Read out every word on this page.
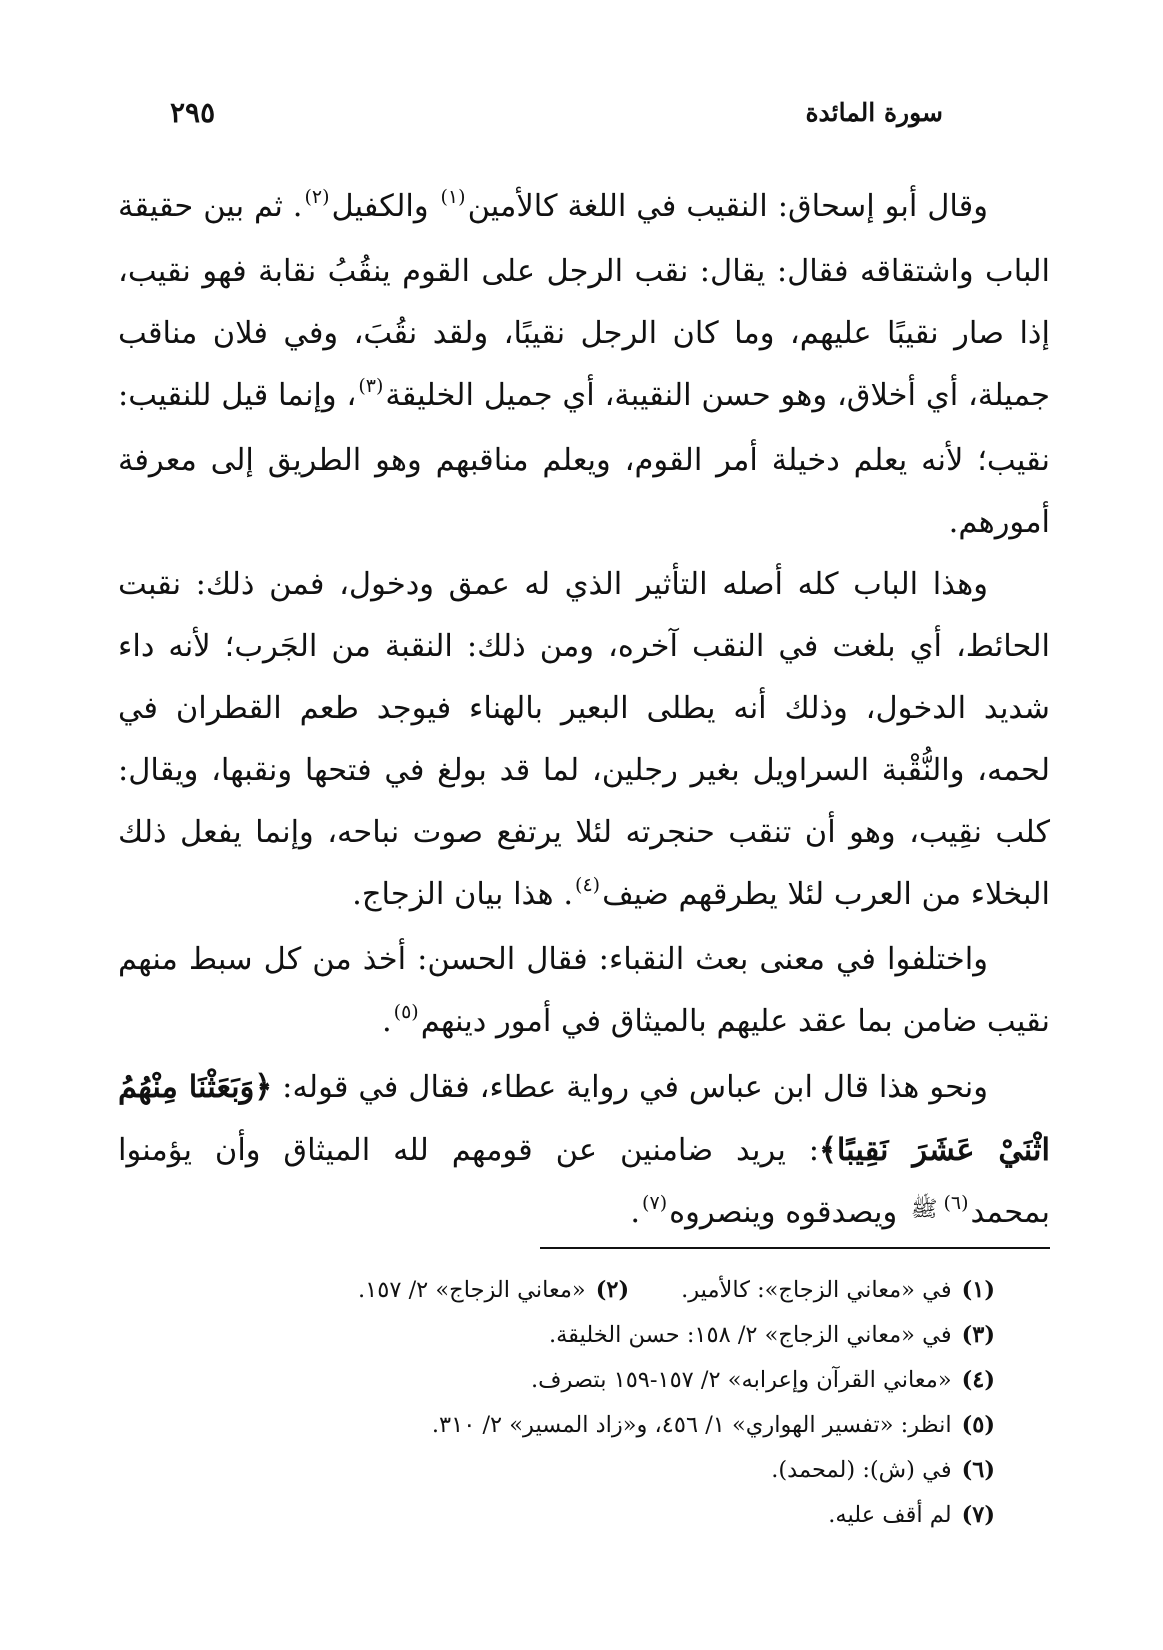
سورة المائدة
٢٩٥

وقال أبو إسحاق: النقيب في اللغة كالأمين$^{(١)}$ والكفيل$^{(٢)}$. ثم بين حقيقة الباب واشتقاقه فقال: يقال: نقب الرجل على القوم ينقُبُ نقابة فهو نقيب، إذا صار نقيبًا عليهم، وما كان الرجل نقيبًا، ولقد نقُبَ، وفي فلان مناقب جميلة، أي أخلاق، وهو حسن النقيبة، أي جميل الخليقة$^{(٣)}$، وإنما قيل للنقيب: نقيب؛ لأنه يعلم دخيلة أمر القوم، ويعلم مناقبهم وهو الطريق إلى معرفة أمورهم.

وهذا الباب كله أصله التأثير الذي له عمق ودخول، فمن ذلك: نقبت الحائط، أي بلغت في النقب آخره، ومن ذلك: النقبة من الجَرب؛ لأنه داء شديد الدخول، وذلك أنه يطلى البعير بالهناء فيوجد طعم القطران في لحمه، والنُّقْبة السراويل بغير رجلين، لما قد بولغ في فتحها ونقبها، ويقال: كلب نقِيب، وهو أن تنقب حنجرته لئلا يرتفع صوت نباحه، وإنما يفعل ذلك البخلاء من العرب لئلا يطرقهم ضيف$^{(٤)}$. هذا بيان الزجاج.

واختلفوا في معنى بعث النقباء: فقال الحسن: أخذ من كل سبط منهم نقيب ضامن بما عقد عليهم بالميثاق في أمور دينهم$^{(٥)}$.

ونحو هذا قال ابن عباس في رواية عطاء، فقال في قوله: ﴿وَبَعَثْنَا مِنْهُمُ اثْنَيْ عَشَرَ نَقِيبًا﴾: يريد ضامنين عن قومهم لله الميثاق وأن يؤمنوا بمحمد$^{(٦)}$ﷺ ويصدقوه وينصروه$^{(٧)}$.

(١)في «معاني الزجاج»: كالأمير.(٢)«معاني الزجاج» ٢/ ١٥٧.
(٣)في «معاني الزجاج» ٢/ ١٥٨: حسن الخليقة.
(٤)«معاني القرآن وإعرابه» ٢/ ١٥٧-١٥٩ بتصرف.
(٥)انظر: «تفسير الهواري» ١/ ٤٥٦، و«زاد المسير» ٢/ ٣١٠.
(٦)في (ش): (لمحمد).
(٧)لم أقف عليه.
